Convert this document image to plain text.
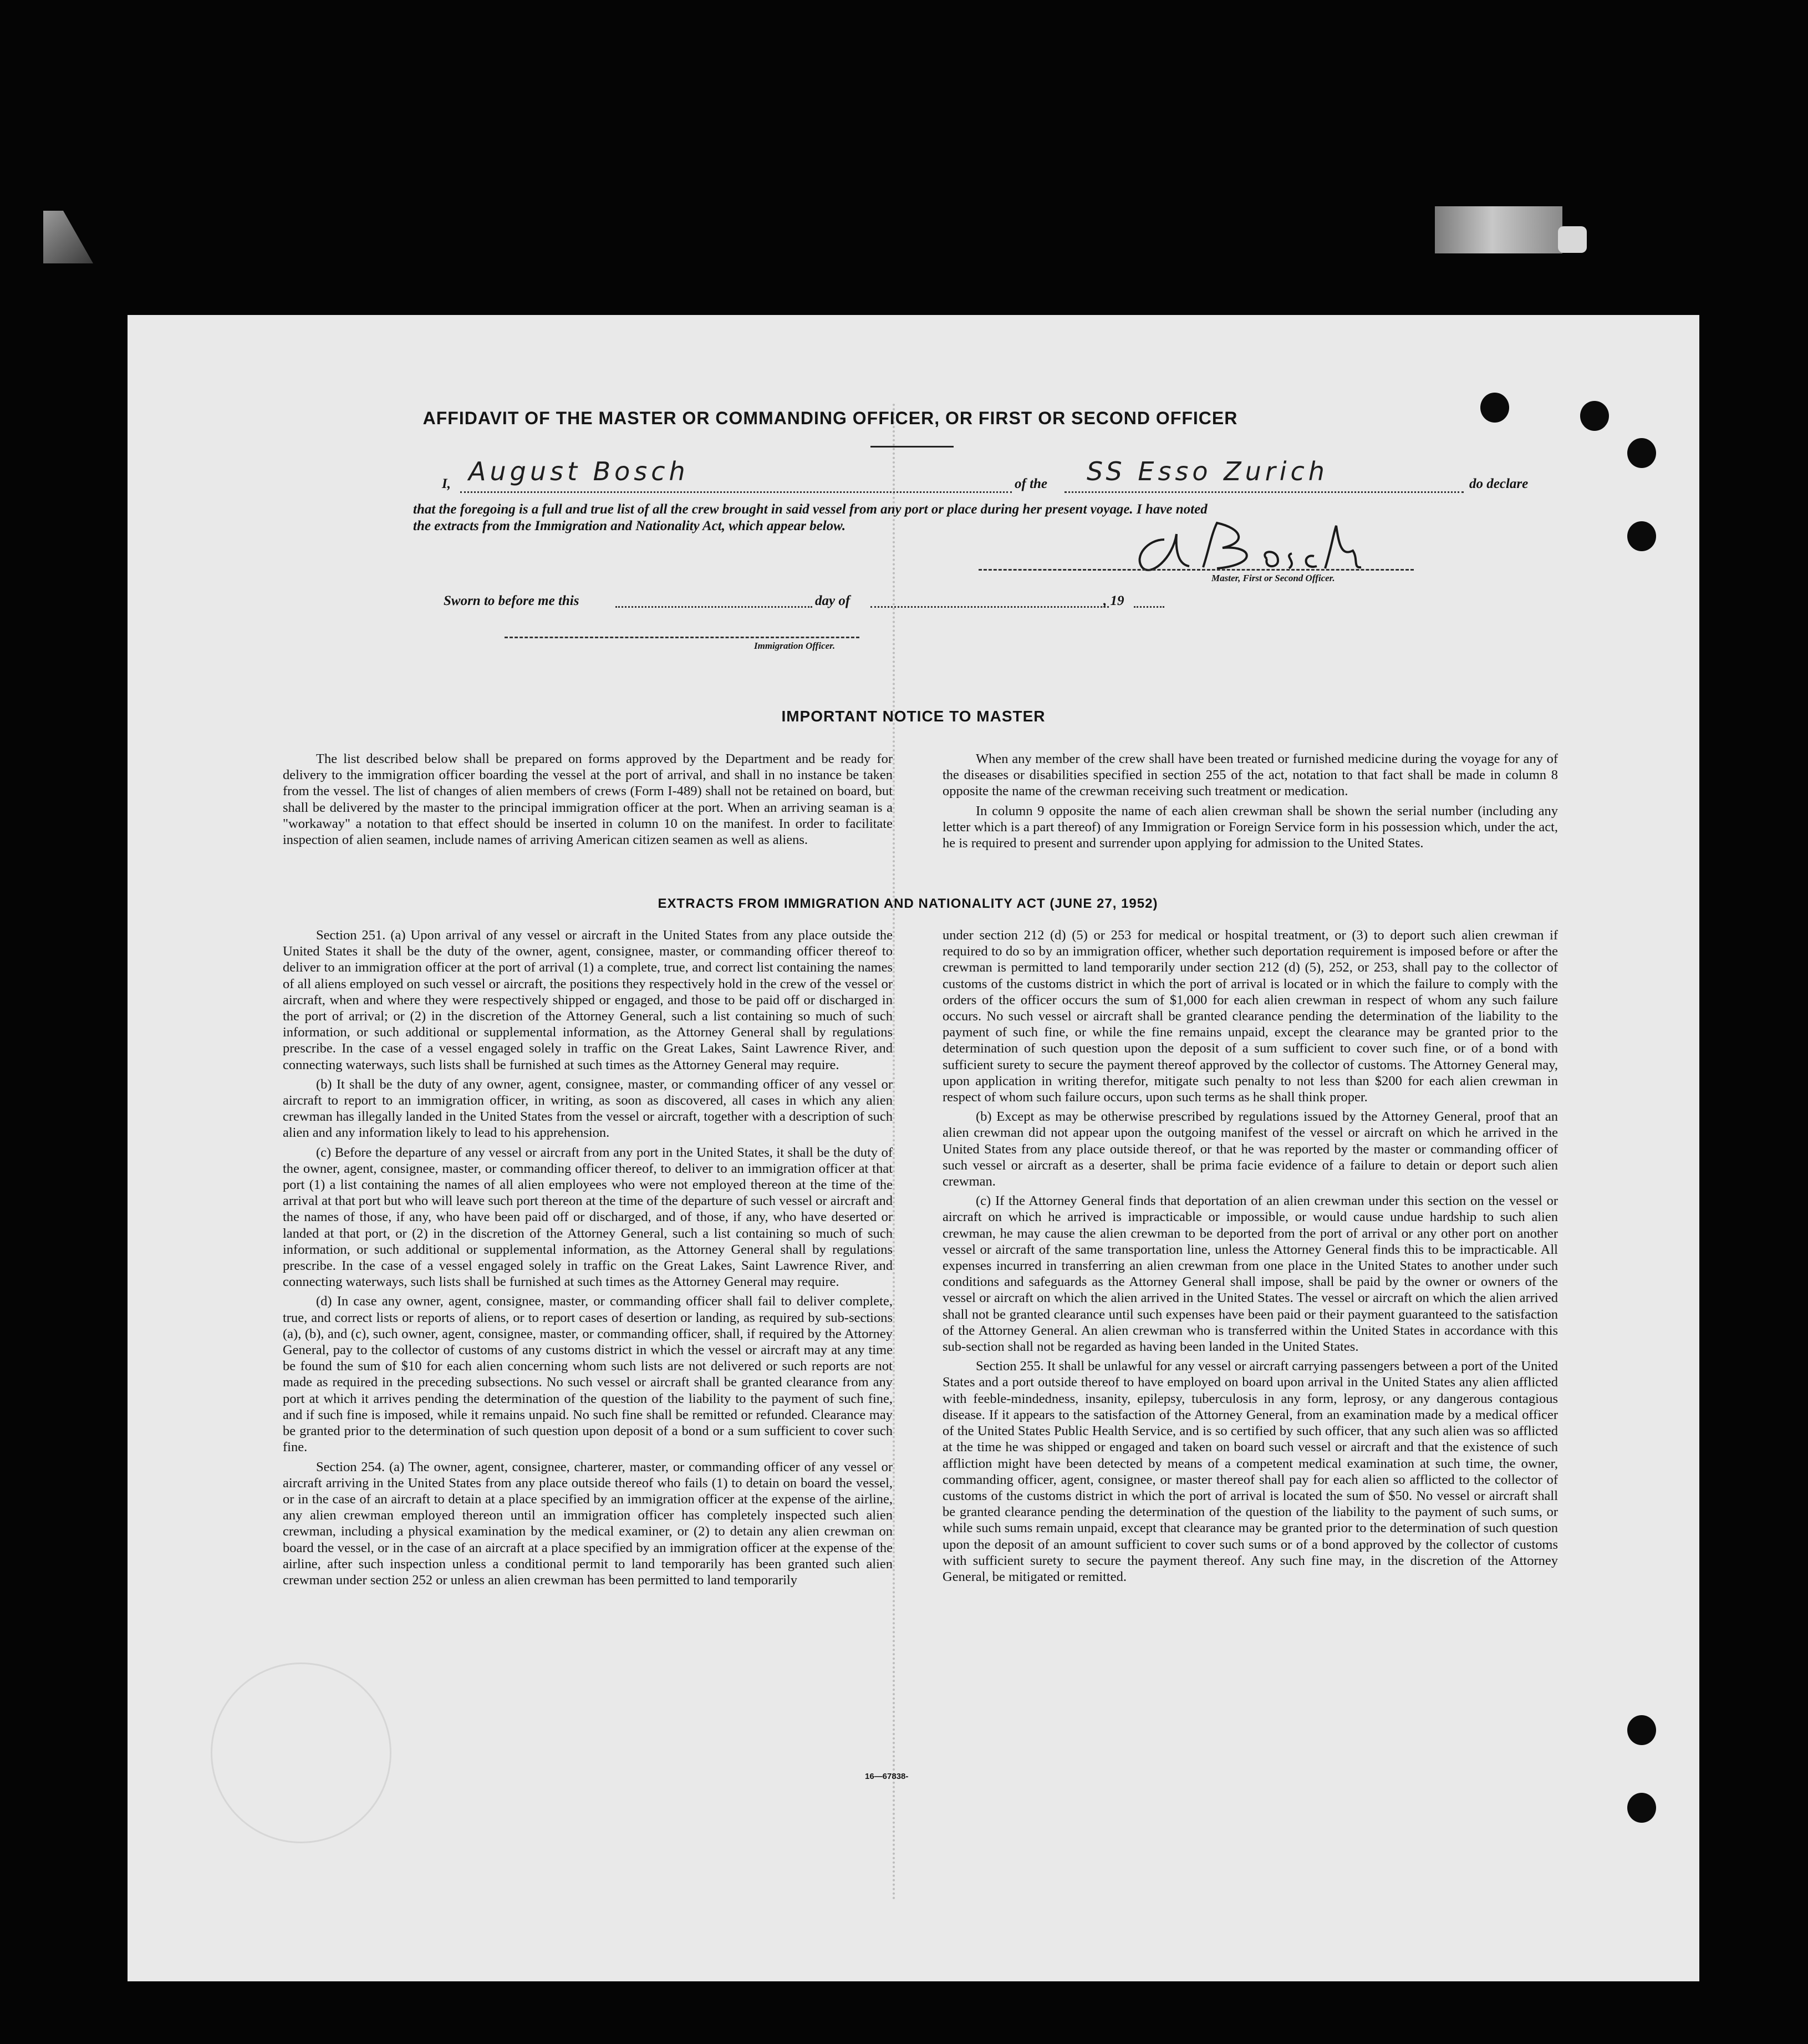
AFFIDAVIT OF THE MASTER OR COMMANDING OFFICER, OR FIRST OR SECOND OFFICER
I, August Bosch	of the SS Esso Zurich	do declare
that the foregoing is a full and true list of all the crew brought in said vessel from any port or place during her present voyage. I have noted
the extracts from the Immigration and Nationality Act, which appear below.
Master, First or Second Officer.
Sworn to before me this	day of	, 19
Immigration Officer.
IMPORTANT NOTICE TO MASTER

The list described below shall be prepared on forms approved by the Department and be ready for delivery to the immigration officer boarding the vessel at the port of arrival, and shall in no instance be taken from the vessel. The list of changes of alien members of crews (Form I-489) shall not be retained on board, but shall be delivered by the master to the principal immigration officer at the port. When an arriving seaman is a "workaway" a notation to that effect should be inserted in column 10 on the manifest. In order to facilitate inspection of alien seamen, include names of arriving American citizen seamen as well as aliens.

When any member of the crew shall have been treated or furnished medicine during the voyage for any of the diseases or disabilities specified in section 255 of the act, notation to that fact shall be made in column 8 opposite the name of the crewman receiving such treatment or medication.

In column 9 opposite the name of each alien crewman shall be shown the serial number (including any letter which is a part thereof) of any Immigration or Foreign Service form in his possession which, under the act, he is required to present and surrender upon applying for admission to the United States.

EXTRACTS FROM IMMIGRATION AND NATIONALITY ACT (JUNE 27, 1952)

Section 251. (a) Upon arrival of any vessel or aircraft in the United States from any place outside the United States it shall be the duty of the owner, agent, consignee, master, or commanding officer thereof to deliver to an immigration officer at the port of arrival (1) a complete, true, and correct list containing the names of all aliens employed on such vessel or aircraft, the positions they respectively hold in the crew of the vessel or aircraft, when and where they were respectively shipped or engaged, and those to be paid off or discharged in the port of arrival; or (2) in the discretion of the Attorney General, such a list containing so much of such information, or such additional or supplemental information, as the Attorney General shall by regulations prescribe. In the case of a vessel engaged solely in traffic on the Great Lakes, Saint Lawrence River, and connecting waterways, such lists shall be furnished at such times as the Attorney General may require.

(b) It shall be the duty of any owner, agent, consignee, master, or commanding officer of any vessel or aircraft to report to an immigration officer, in writing, as soon as discovered, all cases in which any alien crewman has illegally landed in the United States from the vessel or aircraft, together with a description of such alien and any information likely to lead to his apprehension.

(c) Before the departure of any vessel or aircraft from any port in the United States, it shall be the duty of the owner, agent, consignee, master, or commanding officer thereof, to deliver to an immigration officer at that port (1) a list containing the names of all alien employees who were not employed thereon at the time of the arrival at that port but who will leave such port thereon at the time of the departure of such vessel or aircraft and the names of those, if any, who have been paid off or discharged, and of those, if any, who have deserted or landed at that port, or (2) in the discretion of the Attorney General, such a list containing so much of such information, or such additional or supplemental information, as the Attorney General shall by regulations prescribe. In the case of a vessel engaged solely in traffic on the Great Lakes, Saint Lawrence River, and connecting waterways, such lists shall be furnished at such times as the Attorney General may require.

(d) In case any owner, agent, consignee, master, or commanding officer shall fail to deliver complete, true, and correct lists or reports of aliens, or to report cases of desertion or landing, as required by sub-sections (a), (b), and (c), such owner, agent, consignee, master, or commanding officer, shall, if required by the Attorney General, pay to the collector of customs of any customs district in which the vessel or aircraft may at any time be found the sum of $10 for each alien concerning whom such lists are not delivered or such reports are not made as required in the preceding subsections. No such vessel or aircraft shall be granted clearance from any port at which it arrives pending the determination of the question of the liability to the payment of such fine, and if such fine is imposed, while it remains unpaid. No such fine shall be remitted or refunded. Clearance may be granted prior to the determination of such question upon deposit of a bond or a sum sufficient to cover such fine.

Section 254. (a) The owner, agent, consignee, charterer, master, or commanding officer of any vessel or aircraft arriving in the United States from any place outside thereof who fails (1) to detain on board the vessel, or in the case of an aircraft to detain at a place specified by an immigration officer at the expense of the airline, any alien crewman employed thereon until an immigration officer has completely inspected such alien crewman, including a physical examination by the medical examiner, or (2) to detain any alien crewman on board the vessel, or in the case of an aircraft at a place specified by an immigration officer at the expense of the airline, after such inspection unless a conditional permit to land temporarily has been granted such alien crewman under section 252 or unless an alien crewman has been permitted to land temporarily

under section 212 (d) (5) or 253 for medical or hospital treatment, or (3) to deport such alien crewman if required to do so by an immigration officer, whether such deportation requirement is imposed before or after the crewman is permitted to land temporarily under section 212 (d) (5), 252, or 253, shall pay to the collector of customs of the customs district in which the port of arrival is located or in which the failure to comply with the orders of the officer occurs the sum of $1,000 for each alien crewman in respect of whom any such failure occurs. No such vessel or aircraft shall be granted clearance pending the determination of the liability to the payment of such fine, or while the fine remains unpaid, except the clearance may be granted prior to the determination of such question upon the deposit of a sum sufficient to cover such fine, or of a bond with sufficient surety to secure the payment thereof approved by the collector of customs. The Attorney General may, upon application in writing therefor, mitigate such penalty to not less than $200 for each alien crewman in respect of whom such failure occurs, upon such terms as he shall think proper.

(b) Except as may be otherwise prescribed by regulations issued by the Attorney General, proof that an alien crewman did not appear upon the outgoing manifest of the vessel or aircraft on which he arrived in the United States from any place outside thereof, or that he was reported by the master or commanding officer of such vessel or aircraft as a deserter, shall be prima facie evidence of a failure to detain or deport such alien crewman.

(c) If the Attorney General finds that deportation of an alien crewman under this section on the vessel or aircraft on which he arrived is impracticable or impossible, or would cause undue hardship to such alien crewman, he may cause the alien crewman to be deported from the port of arrival or any other port on another vessel or aircraft of the same transportation line, unless the Attorney General finds this to be impracticable. All expenses incurred in transferring an alien crewman from one place in the United States to another under such conditions and safeguards as the Attorney General shall impose, shall be paid by the owner or owners of the vessel or aircraft on which the alien arrived in the United States. The vessel or aircraft on which the alien arrived shall not be granted clearance until such expenses have been paid or their payment guaranteed to the satisfaction of the Attorney General. An alien crewman who is transferred within the United States in accordance with this sub-section shall not be regarded as having been landed in the United States.

Section 255. It shall be unlawful for any vessel or aircraft carrying passengers between a port of the United States and a port outside thereof to have employed on board upon arrival in the United States any alien afflicted with feeble-mindedness, insanity, epilepsy, tuberculosis in any form, leprosy, or any dangerous contagious disease. If it appears to the satisfaction of the Attorney General, from an examination made by a medical officer of the United States Public Health Service, and is so certified by such officer, that any such alien was so afflicted at the time he was shipped or engaged and taken on board such vessel or aircraft and that the existence of such affliction might have been detected by means of a competent medical examination at such time, the owner, commanding officer, agent, consignee, or master thereof shall pay for each alien so afflicted to the collector of customs of the customs district in which the port of arrival is located the sum of $50. No vessel or aircraft shall be granted clearance pending the determination of the question of the liability to the payment of such sums, or while such sums remain unpaid, except that clearance may be granted prior to the determination of such question upon the deposit of an amount sufficient to cover such sums or of a bond approved by the collector of customs with sufficient surety to secure the payment thereof. Any such fine may, in the discretion of the Attorney General, be mitigated or remitted.

16—67838-
